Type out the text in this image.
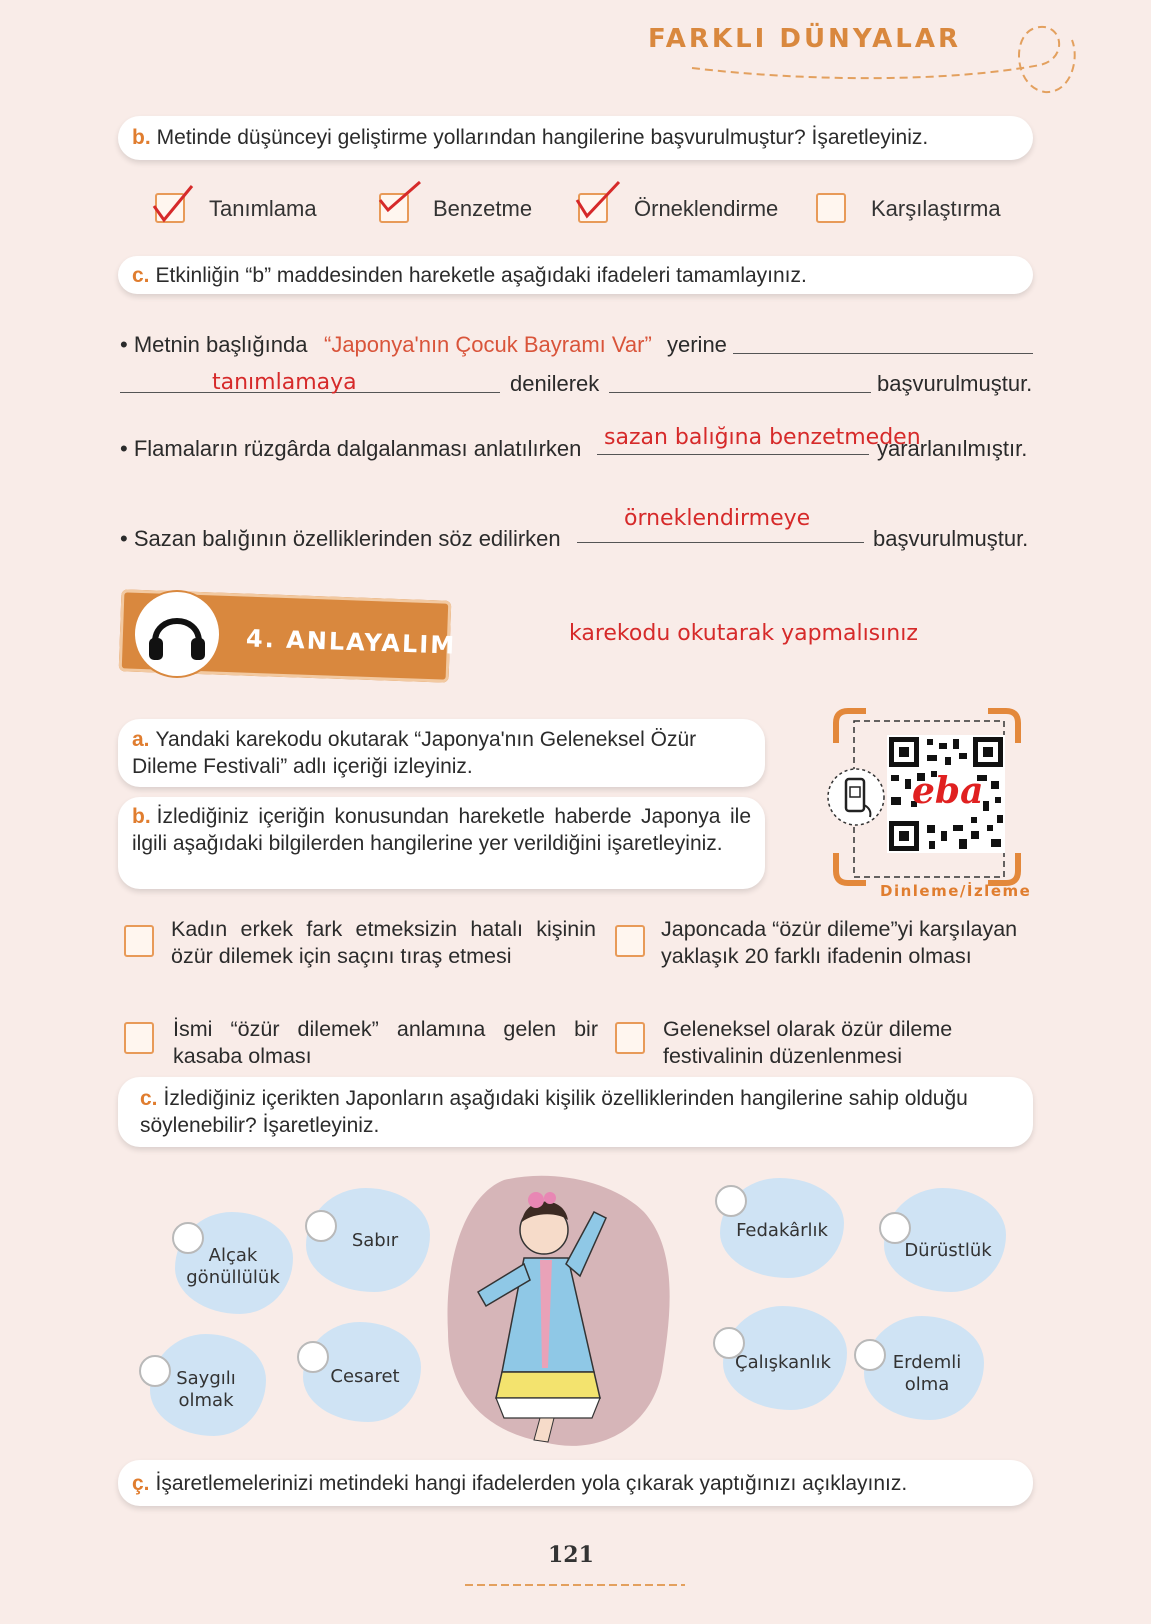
FARKLI DÜNYALAR
b. Metinde düşünceyi geliştirme yollarından hangilerine başvurulmuştur? İşaretleyiniz.
Tanımlama	Benzetme	Örneklendirme	Karşılaştırma
c. Etkinliğin “b” maddesinden hareketle aşağıdaki ifadeleri tamamlayınız.
• Metnin başlığında “Japonya'nın Çocuk Bayramı Var” yerine
tanımlamaya	denilerek	başvurulmuştur.
• Flamaların rüzgârda dalgalanması anlatılırken sazan balığına benzetmeden
yararlanılmıştır.
örneklendirmeye
• Sazan balığının özelliklerinden söz edilirken	başvurulmuştur.
4. ANLAYALIM	karekodu okutarak yapmalısınız
a. Yandaki karekodu okutarak “Japonya'nın Geleneksel Özür Dileme Festivali” adlı içeriği izleyiniz.
b. İzlediğiniz içeriğin konusundan hareketle haberde Japonya ile ilgili aşağıdaki bilgilerden hangilerine yer verildiğini işaretleyiniz.
eba
Dinleme/İzleme
Kadın erkek fark etmeksizin hatalı kişinin özür dilemek için saçını tıraş etmesi
Japoncada “özür dileme”yi karşılayan yaklaşık 20 farklı ifadenin olması
İsmi “özür dilemek” anlamına gelen bir kasaba olması
Geleneksel olarak özür dileme festivalinin düzenlenmesi
c. İzlediğiniz içerikten Japonların aşağıdaki kişilik özelliklerinden hangilerine sahip olduğu söylenebilir? İşaretleyiniz.
Alçak gönüllülük
Sabır
Saygılı olmak
Cesaret
Fedakârlık
Dürüstlük
Çalışkanlık	Erdemli olma
ç. İşaretlemelerinizi metindeki hangi ifadelerden yola çıkarak yaptığınızı açıklayınız.
121
